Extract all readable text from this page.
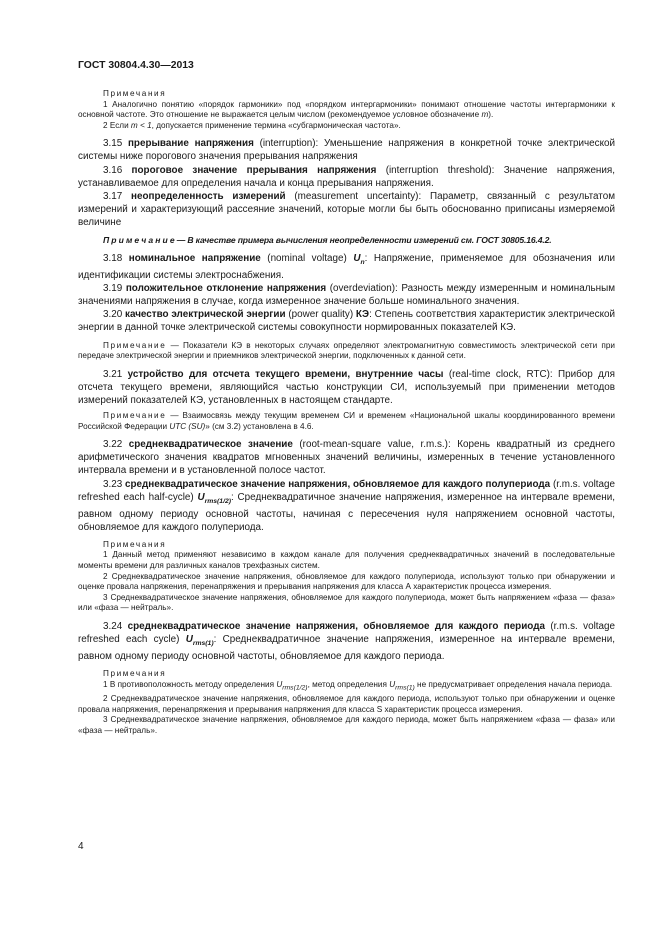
ГОСТ 30804.4.30—2013
Примечания
1 Аналогично понятию «порядок гармоники» под «порядком интергармоники» понимают отношение частоты интергармоники к основной частоте. Это отношение не выражается целым числом (рекомендуемое условное обозначение m).
2 Если m < 1, допускается применение термина «субгармоническая частота».
3.15 прерывание напряжения (interruption): Уменьшение напряжения в конкретной точке электрической системы ниже порогового значения прерывания напряжения
3.16 пороговое значение прерывания напряжения (interruption threshold): Значение напряжения, устанавливаемое для определения начала и конца прерывания напряжения.
3.17 неопределенность измерений (measurement uncertainty): Параметр, связанный с результатом измерений и характеризующий рассеяние значений, которые могли бы быть обоснованно приписаны измеряемой величине
П р и м е ч а н и е — В качестве примера вычисления неопределенности измерений см. ГОСТ 30805.16.4.2.
3.18 номинальное напряжение (nominal voltage) $U_n$: Напряжение, применяемое для обозначения или идентификации системы электроснабжения.
3.19 положительное отклонение напряжения (overdeviation): Разность между измеренным и номинальным значениями напряжения в случае, когда измеренное значение больше номинального значения.
3.20 качество электрической энергии (power quality) КЭ: Степень соответствия характеристик электрической энергии в данной точке электрической системы совокупности нормированных показателей КЭ.
Примечание — Показатели КЭ в некоторых случаях определяют электромагнитную совместимость электрической сети при передаче электрической энергии и приемников электрической энергии, подключенных к данной сети.
3.21 устройство для отсчета текущего времени, внутренние часы (real-time clock, RTC): Прибор для отсчета текущего времени, являющийся частью конструкции СИ, используемый при применении методов измерений показателей КЭ, установленных в настоящем стандарте.
Примечание — Взаимосвязь между текущим временем СИ и временем «Национальной шкалы координированного времени Российской Федерации UTC (SU)» (см 3.2) установлена в 4.6.
3.22 среднеквадратическое значение (root-mean-square value, r.m.s.): Корень квадратный из среднего арифметического значения квадратов мгновенных значений величины, измеренных в течение установленного интервала времени и в установленной полосе частот.
3.23 среднеквадратическое значение напряжения, обновляемое для каждого полупериода (r.m.s. voltage refreshed each half-cycle) $U_{rms(1/2)}$: Среднеквадратичное значение напряжения, измеренное на интервале времени, равном одному периоду основной частоты, начиная с пересечения нуля напряжением основной частоты, обновляемое для каждого полупериода.
Примечания
1 Данный метод применяют независимо в каждом канале для получения среднеквадратичных значений в последовательные моменты времени для различных каналов трехфазных систем.
2 Среднеквадратическое значение напряжения, обновляемое для каждого полупериода, используют только при обнаружении и оценке провала напряжения, перенапряжения и прерывания напряжения для класса А характеристик процесса измерения.
3 Среднеквадратическое значение напряжения, обновляемое для каждого полупериода, может быть напряжением «фаза — фаза» или «фаза — нейтраль».
3.24 среднеквадратическое значение напряжения, обновляемое для каждого периода (r.m.s. voltage refreshed each cycle) $U_{rms(1)}$: Среднеквадратичное значение напряжения, измеренное на интервале времени, равном одному периоду основной частоты, обновляемое для каждого периода.
Примечания
1 В противоположность методу определения $U_{rms(1/2)}$, метод определения $U_{rms(1)}$ не предусматривает определения начала периода.
2 Среднеквадратическое значение напряжения, обновляемое для каждого периода, используют только при обнаружении и оценке провала напряжения, перенапряжения и прерывания напряжения для класса S характеристик процесса измерения.
3 Среднеквадратическое значение напряжения, обновляемое для каждого периода, может быть напряжением «фаза — фаза» или «фаза — нейтраль».
4
